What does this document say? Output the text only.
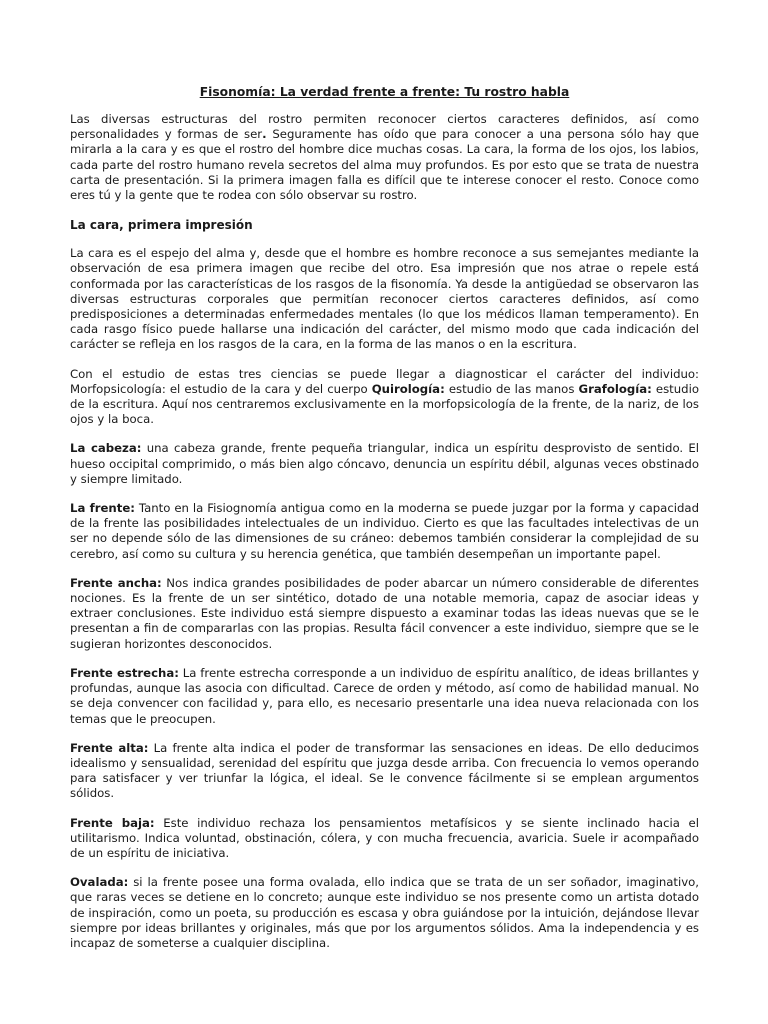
Fisonomía: La verdad frente a frente: Tu rostro habla

Las diversas estructuras del rostro permiten reconocer ciertos caracteres definidos, así como personalidades y formas de ser. Seguramente has oído que para conocer a una persona sólo hay que mirarla a la cara y es que el rostro del hombre dice muchas cosas. La cara, la forma de los ojos, los labios, cada parte del rostro humano revela secretos del alma muy profundos. Es por esto que se trata de nuestra carta de presentación. Si la primera imagen falla es difícil que te interese conocer el resto. Conoce como eres tú y la gente que te rodea con sólo observar su rostro.

La cara, primera impresión

La cara es el espejo del alma y, desde que el hombre es hombre reconoce a sus semejantes mediante la observación de esa primera imagen que recibe del otro. Esa impresión que nos atrae o repele está conformada por las características de los rasgos de la fisonomía. Ya desde la antigüedad se observaron las diversas estructuras corporales que permitían reconocer ciertos caracteres definidos, así como predisposiciones a determinadas enfermedades mentales (lo que los médicos llaman temperamento). En cada rasgo físico puede hallarse una indicación del carácter, del mismo modo que cada indicación del carácter se refleja en los rasgos de la cara, en la forma de las manos o en la escritura.

Con el estudio de estas tres ciencias se puede llegar a diagnosticar el carácter del individuo: Morfopsicología: el estudio de la cara y del cuerpo Quirología: estudio de las manos Grafología: estudio de la escritura. Aquí nos centraremos exclusivamente en la morfopsicología de la frente, de la nariz, de los ojos y la boca.

La cabeza: una cabeza grande, frente pequeña triangular, indica un espíritu desprovisto de sentido. El hueso occipital comprimido, o más bien algo cóncavo, denuncia un espíritu débil, algunas veces obstinado y siempre limitado.

La frente: Tanto en la Fisiognomía antigua como en la moderna se puede juzgar por la forma y capacidad de la frente las posibilidades intelectuales de un individuo. Cierto es que las facultades intelectivas de un ser no depende sólo de las dimensiones de su cráneo: debemos también considerar la complejidad de su cerebro, así como su cultura y su herencia genética, que también desempeñan un importante papel.

Frente ancha: Nos indica grandes posibilidades de poder abarcar un número considerable de diferentes nociones. Es la frente de un ser sintético, dotado de una notable memoria, capaz de asociar ideas y extraer conclusiones. Este individuo está siempre dispuesto a examinar todas las ideas nuevas que se le presentan a fin de compararlas con las propias. Resulta fácil convencer a este individuo, siempre que se le sugieran horizontes desconocidos.

Frente estrecha: La frente estrecha corresponde a un individuo de espíritu analítico, de ideas brillantes y profundas, aunque las asocia con dificultad. Carece de orden y método, así como de habilidad manual. No se deja convencer con facilidad y, para ello, es necesario presentarle una idea nueva relacionada con los temas que le preocupen.

Frente alta: La frente alta indica el poder de transformar las sensaciones en ideas. De ello deducimos idealismo y sensualidad, serenidad del espíritu que juzga desde arriba. Con frecuencia lo vemos operando para satisfacer y ver triunfar la lógica, el ideal. Se le convence fácilmente si se emplean argumentos sólidos.

Frente baja: Este individuo rechaza los pensamientos metafísicos y se siente inclinado hacia el utilitarismo. Indica voluntad, obstinación, cólera, y con mucha frecuencia, avaricia. Suele ir acompañado de un espíritu de iniciativa.

Ovalada: si la frente posee una forma ovalada, ello indica que se trata de un ser soñador, imaginativo, que raras veces se detiene en lo concreto; aunque este individuo se nos presente como un artista dotado de inspiración, como un poeta, su producción es escasa y obra guiándose por la intuición, dejándose llevar siempre por ideas brillantes y originales, más que por los argumentos sólidos. Ama la independencia y es incapaz de someterse a cualquier disciplina.
